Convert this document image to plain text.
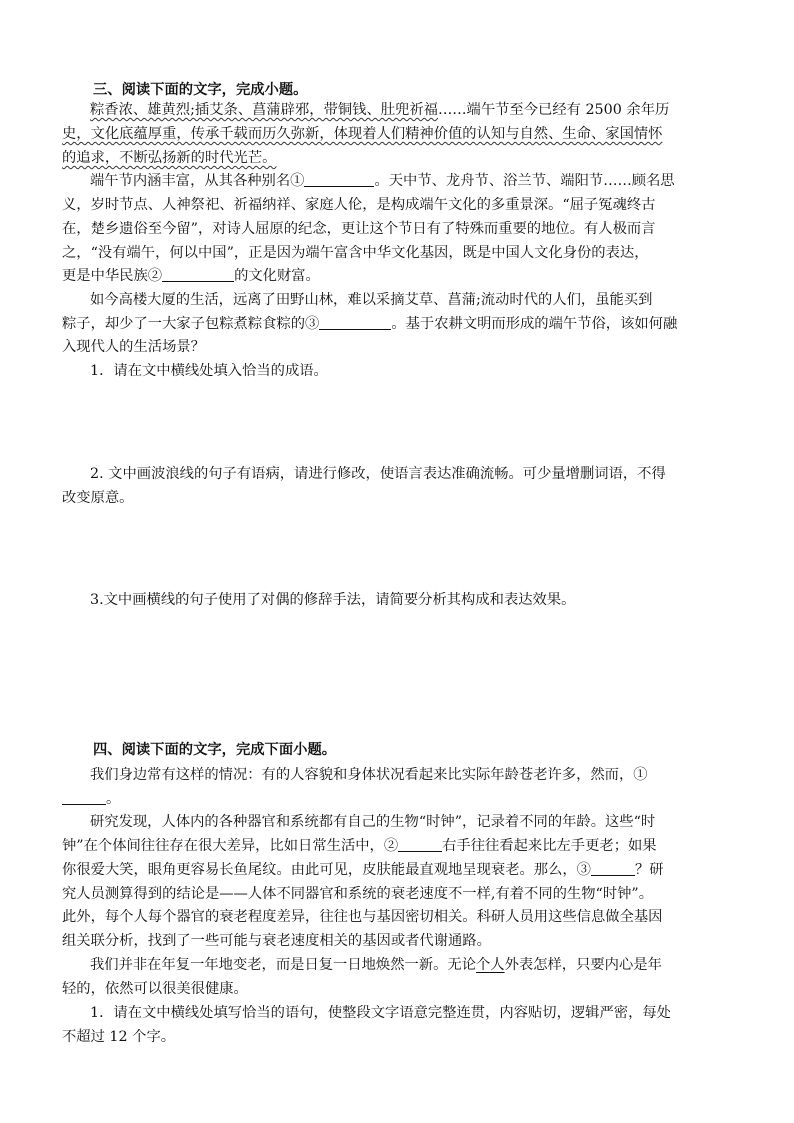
三、阅读下面的文字，完成小题。
粽香浓、雄黄烈;插艾条、菖蒲辟邪，带铜钱、肚兜祈福……端午节至今已经有 2500 余年历
史，文化底蕴厚重，传承千载而历久弥新，体现着人们精神价值的认知与自然、生命、家国情怀
的追求，不断弘扬新的时代光芒。
端午节内涵丰富，从其各种别名①	。天中节、龙舟节、浴兰节、端阳节……顾名思
义，岁时节点、人神祭祀、祈福纳祥、家庭人伦，是构成端午文化的多重景深。“屈子冤魂终古
在，楚乡遗俗至今留”，对诗人屈原的纪念，更让这个节日有了特殊而重要的地位。有人极而言
之，“没有端午，何以中国”，正是因为端午富含中华文化基因，既是中国人文化身份的表达，
更是中华民族②	的文化财富。
如今高楼大厦的生活，远离了田野山林，难以采摘艾草、菖蒲;流动时代的人们，虽能买到
粽子，却少了一大家子包粽煮粽食粽的③	。基于农耕文明而形成的端午节俗，该如何融
入现代人的生活场景？
1．请在文中横线处填入恰当的成语。
2. 文中画波浪线的句子有语病，请进行修改，使语言表达准确流畅。可少量增删词语，不得
改变原意。
3.文中画横线的句子使用了对偶的修辞手法，请简要分析其构成和表达效果。
四、阅读下面的文字，完成下面小题。
我们身边常有这样的情况：有的人容貌和身体状况看起来比实际年龄苍老许多，然而，①
。
研究发现，人体内的各种器官和系统都有自己的生物“时钟”，记录着不同的年龄。这些“时
钟”在个体间往往存在很大差异，比如日常生活中，②	右手往往看起来比左手更老；如果
你很爱大笑，眼角更容易长鱼尾纹。由此可见，皮肤能最直观地呈现衰老。那么，③	？研
究人员测算得到的结论是——人体不同器官和系统的衰老速度不一样,有着不同的生物“时钟”。
此外，每个人每个器官的衰老程度差异，往往也与基因密切相关。科研人员用这些信息做全基因
组关联分析，找到了一些可能与衰老速度相关的基因或者代谢通路。
我们并非在年复一年地变老，而是日复一日地焕然一新。无论个人外表怎样，只要内心是年
轻的，依然可以很美很健康。
1．请在文中横线处填写恰当的语句，使整段文字语意完整连贯，内容贴切，逻辑严密，每处
不超过 12 个字。
